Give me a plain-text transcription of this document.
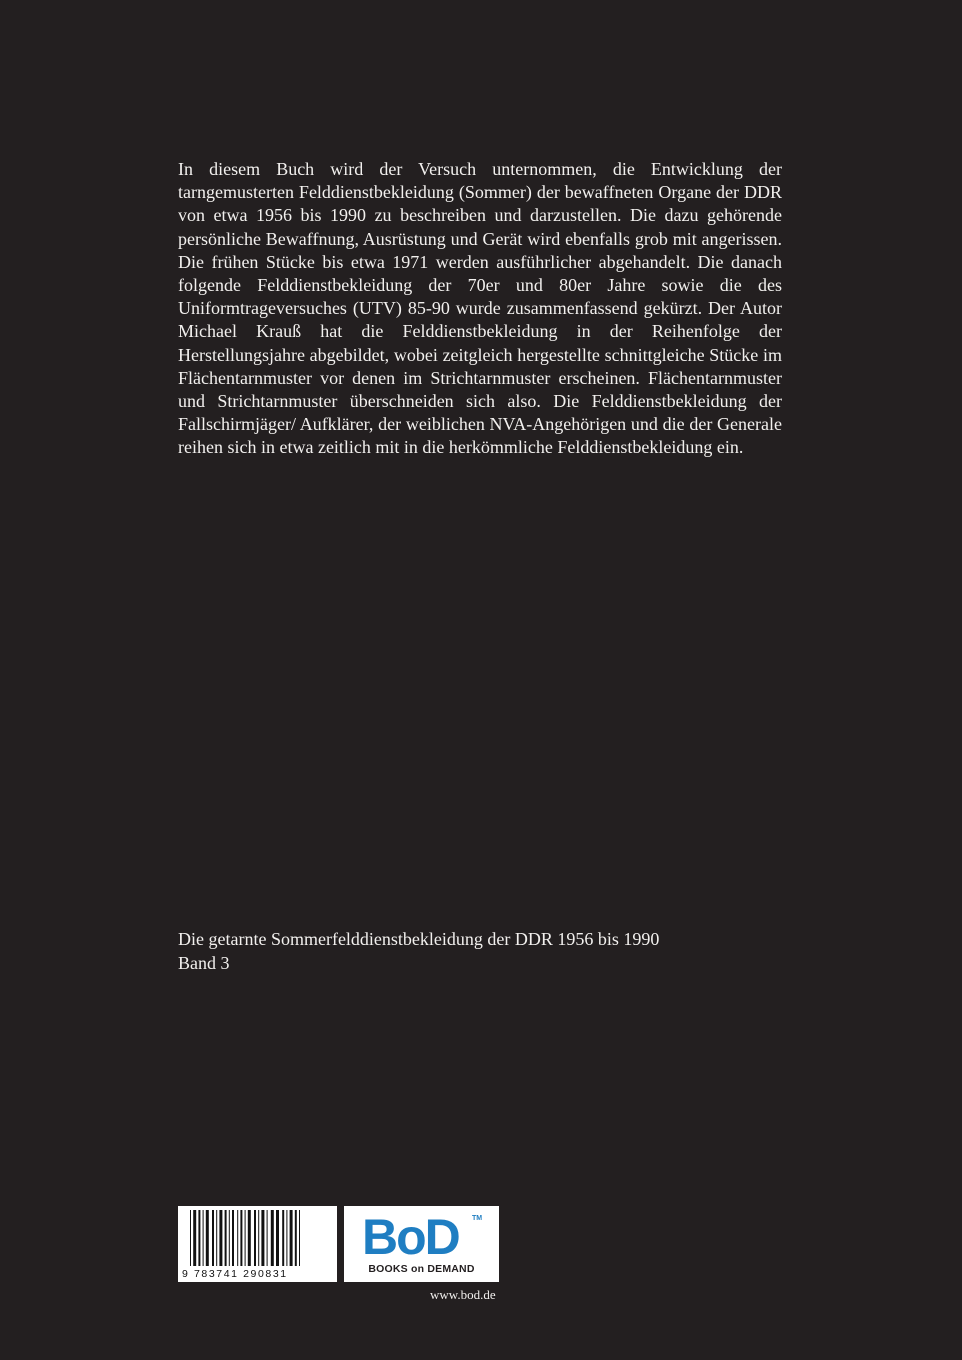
In diesem Buch wird der Versuch unternommen, die Entwicklung der tarngemusterten Felddienstbekleidung (Sommer) der bewaffneten Organe der DDR von etwa 1956 bis 1990 zu beschreiben und darzustellen. Die dazu gehörende persönliche Bewaffnung, Ausrüstung und Gerät wird ebenfalls grob mit angerissen. Die frühen Stücke bis etwa 1971 werden ausführlicher abgehandelt. Die danach folgende Felddienstbekleidung der 70er und 80er Jahre sowie die des Uniformtrageversuches (UTV) 85-90 wurde zusammenfassend gekürzt. Der Autor Michael Krauß hat die Felddienstbekleidung in der Reihenfolge der Herstellungsjahre abgebildet, wobei zeitgleich hergestellte schnittgleiche Stücke im Flächentarnmuster vor denen im Strichtarnmuster erscheinen. Flächentarnmuster und Strichtarnmuster überschneiden sich also. Die Felddienstbekleidung der Fallschirmjäger/ Aufklärer, der weiblichen NVA-Angehörigen und die der Generale reihen sich in etwa zeitlich mit in die herkömmliche Felddienstbekleidung ein.

Die getarnte Sommerfelddienstbekleidung der DDR 1956 bis 1990
Band 3
9 783741 290831
BoD TM
BOOKS on DEMAND
www.bod.de
